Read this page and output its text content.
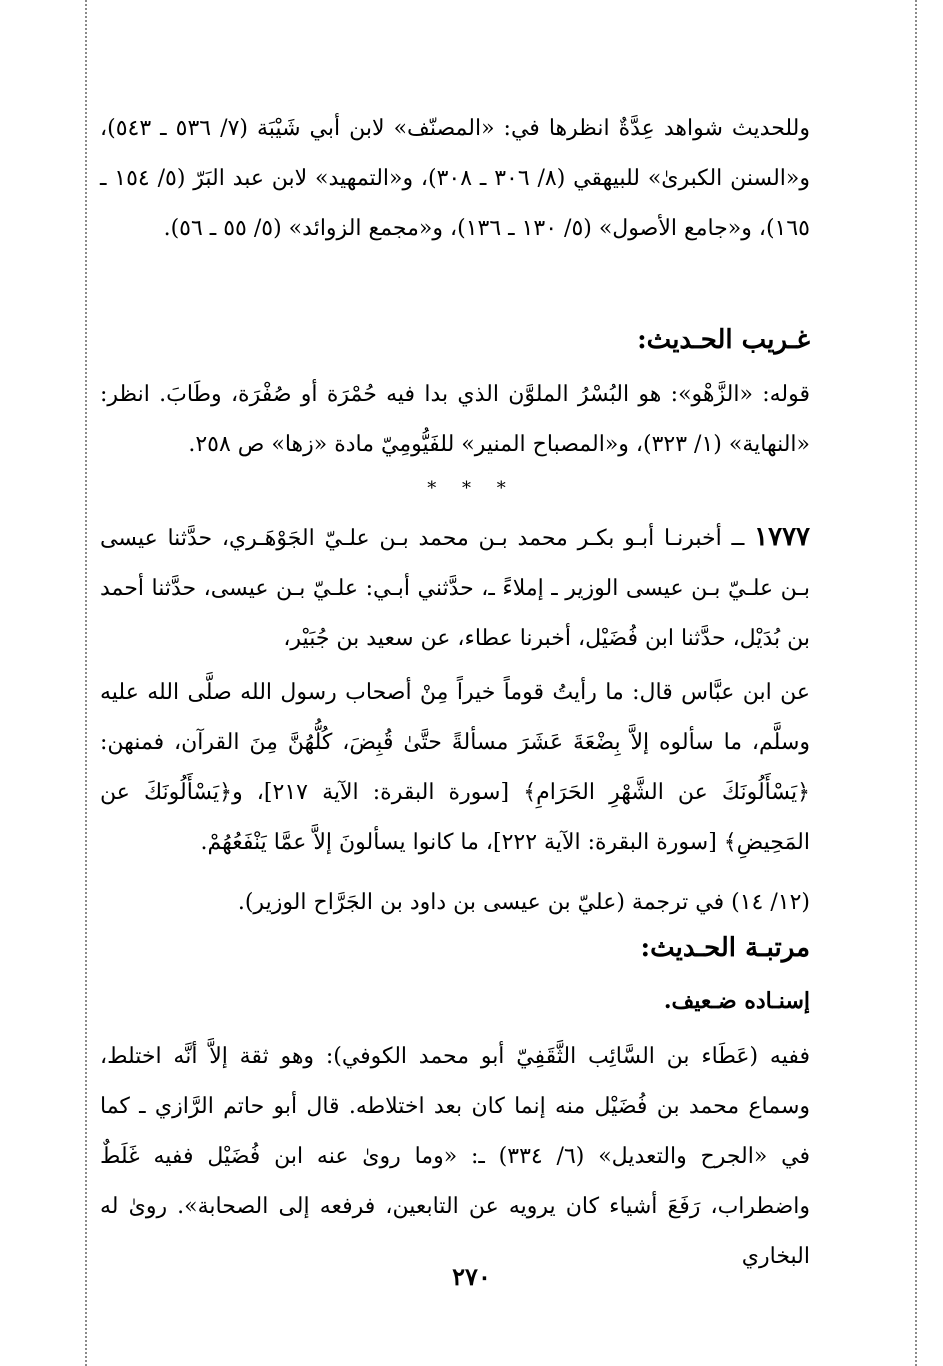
وللحديث شواهد عِدَّةٌ انظرها في: «المصنّف» لابن أبي شَيْبَة (٧/ ٥٣٦ ـ ٥٤٣)، و«السنن الكبرىٰ» للبيهقي (٨/ ٣٠٦ ـ ٣٠٨)، و«التمهيد» لابن عبد البَرّ (٥/ ١٥٤ ـ ١٦٥)، و«جامع الأصول» (٥/ ١٣٠ ـ ١٣٦)، و«مجمع الزوائد» (٥/ ٥٥ ـ ٥٦).

غـريب الحـديث:

قوله: «الزَّهْو»: هو البُسْرُ الملوَّن الذي بدا فيه حُمْرَة أو صُفْرَة، وطَابَ. انظر: «النهاية» (١/ ٣٢٣)، و«المصباح المنير» للفَيُّومِيّ مادة «زها» ص ٢٥٨.

* * *

١٧٧٧ ــ أخبرنـا أبـو بكـر محمد بـن محمد بـن علـيّ الجَوْهَـري، حدَّثنا عيسى بـن علـيّ بـن عيسى الوزير ـ إملاءً ـ، حدَّثني أبـي: علـيّ بـن عيسى، حدَّثنا أحمد بن بُدَيْل، حدَّثنا ابن فُضَيْل، أخبرنا عطاء، عن سعيد بن جُبَيْر،

عن ابن عبَّاس قال: ما رأيتُ قوماً خيراً مِنْ أصحاب رسول الله صلَّى الله عليه وسلَّم، ما سألوه إلاَّ بِضْعَةَ عَشَرَ مسألةً حتَّىٰ قُبِضَ، كُلُّهُنَّ مِنَ القرآن، فمنهن: ﴿يَسْأَلُونَكَ عن الشَّهْرِ الحَرَامِ﴾ [سورة البقرة: الآية ٢١٧]، و﴿يَسْأَلُونَكَ عن المَحِيضِ﴾ [سورة البقرة: الآية ٢٢٢]، ما كانوا يسألونَ إلاَّ عمَّا يَنْفَعُهُمْ.

(١٢/ ١٤) في ترجمة (عليّ بن عيسى بن داود بن الجَرَّاح الوزير).

مرتبـة الحـديث:

إسنـاده ضـعيف.

ففيه (عَطَاء بن السَّائِب الثَّقَفِيّ أبو محمد الكوفي): وهو ثقة إلاَّ أنَّه اختلط، وسماع محمد بن فُضَيْل منه إنما كان بعد اختلاطه. قال أبو حاتم الرَّازي ـ كما في «الجرح والتعديل» (٦/ ٣٣٤) ـ: «وما روىٰ عنه ابن فُضَيْل ففيه غَلَطٌ واضطراب، رَفَعَ أشياء كان يرويه عن التابعين، فرفعه إلى الصحابة». روىٰ له البخاري

٢٧٠
